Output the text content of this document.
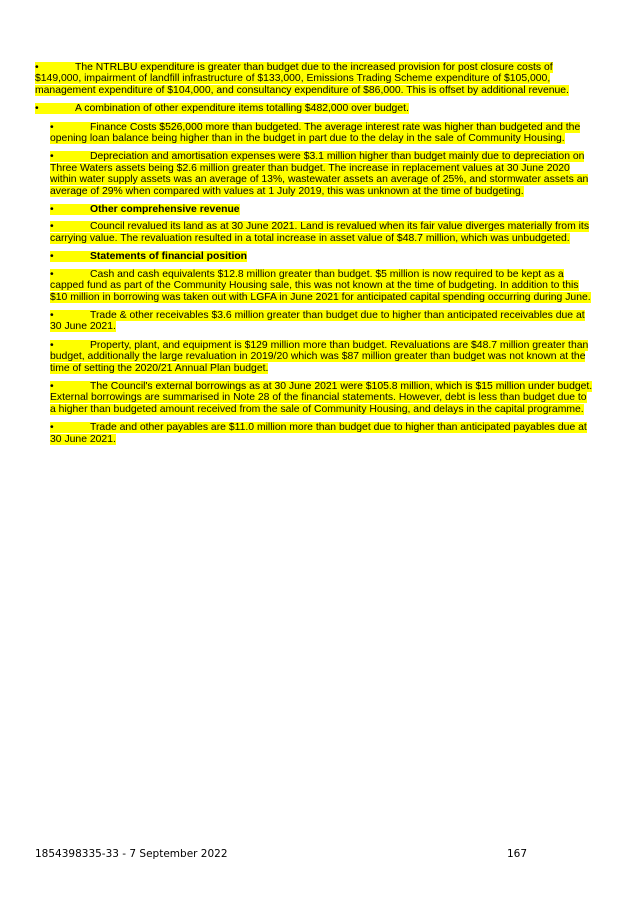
•	The NTRLBU expenditure is greater than budget due to the increased provision for post closure costs of $149,000, impairment of landfill infrastructure of $133,000, Emissions Trading Scheme expenditure of $105,000, management expenditure of $104,000, and consultancy expenditure of $86,000. This is offset by additional revenue.

•	A combination of other expenditure items totalling $482,000 over budget.

•	Finance Costs $526,000 more than budgeted. The average interest rate was higher than budgeted and the opening loan balance being higher than in the budget in part due to the delay in the sale of Community Housing.

•	Depreciation and amortisation expenses were $3.1 million higher than budget mainly due to depreciation on Three Waters assets being $2.6 million greater than budget. The increase in replacement values at 30 June 2020 within water supply assets was an average of 13%, wastewater assets an average of 25%, and stormwater assets an average of 29% when compared with values at 1 July 2019, this was unknown at the time of budgeting.

•	Other comprehensive revenue

•	Council revalued its land as at 30 June 2021. Land is revalued when its fair value diverges materially from its carrying value. The revaluation resulted in a total increase in asset value of $48.7 million, which was unbudgeted.

•	Statements of financial position

•	Cash and cash equivalents $12.8 million greater than budget. $5 million is now required to be kept as a capped fund as part of the Community Housing sale, this was not known at the time of budgeting. In addition to this $10 million in borrowing was taken out with LGFA in June 2021 for anticipated capital spending occurring during June.

•	Trade & other receivables $3.6 million greater than budget due to higher than anticipated receivables due at 30 June 2021.

•	Property, plant, and equipment is $129 million more than budget. Revaluations are $48.7 million greater than budget, additionally the large revaluation in 2019/20 which was $87 million greater than budget was not known at the time of setting the 2020/21 Annual Plan budget.

•	The Council's external borrowings as at 30 June 2021 were $105.8 million, which is $15 million under budget. External borrowings are summarised in Note 28 of the financial statements. However, debt is less than budget due to a higher than budgeted amount received from the sale of Community Housing, and delays in the capital programme.

•	Trade and other payables are $11.0 million more than budget due to higher than anticipated payables due at 30 June 2021.

1854398335-33 - 7 September 2022	167
